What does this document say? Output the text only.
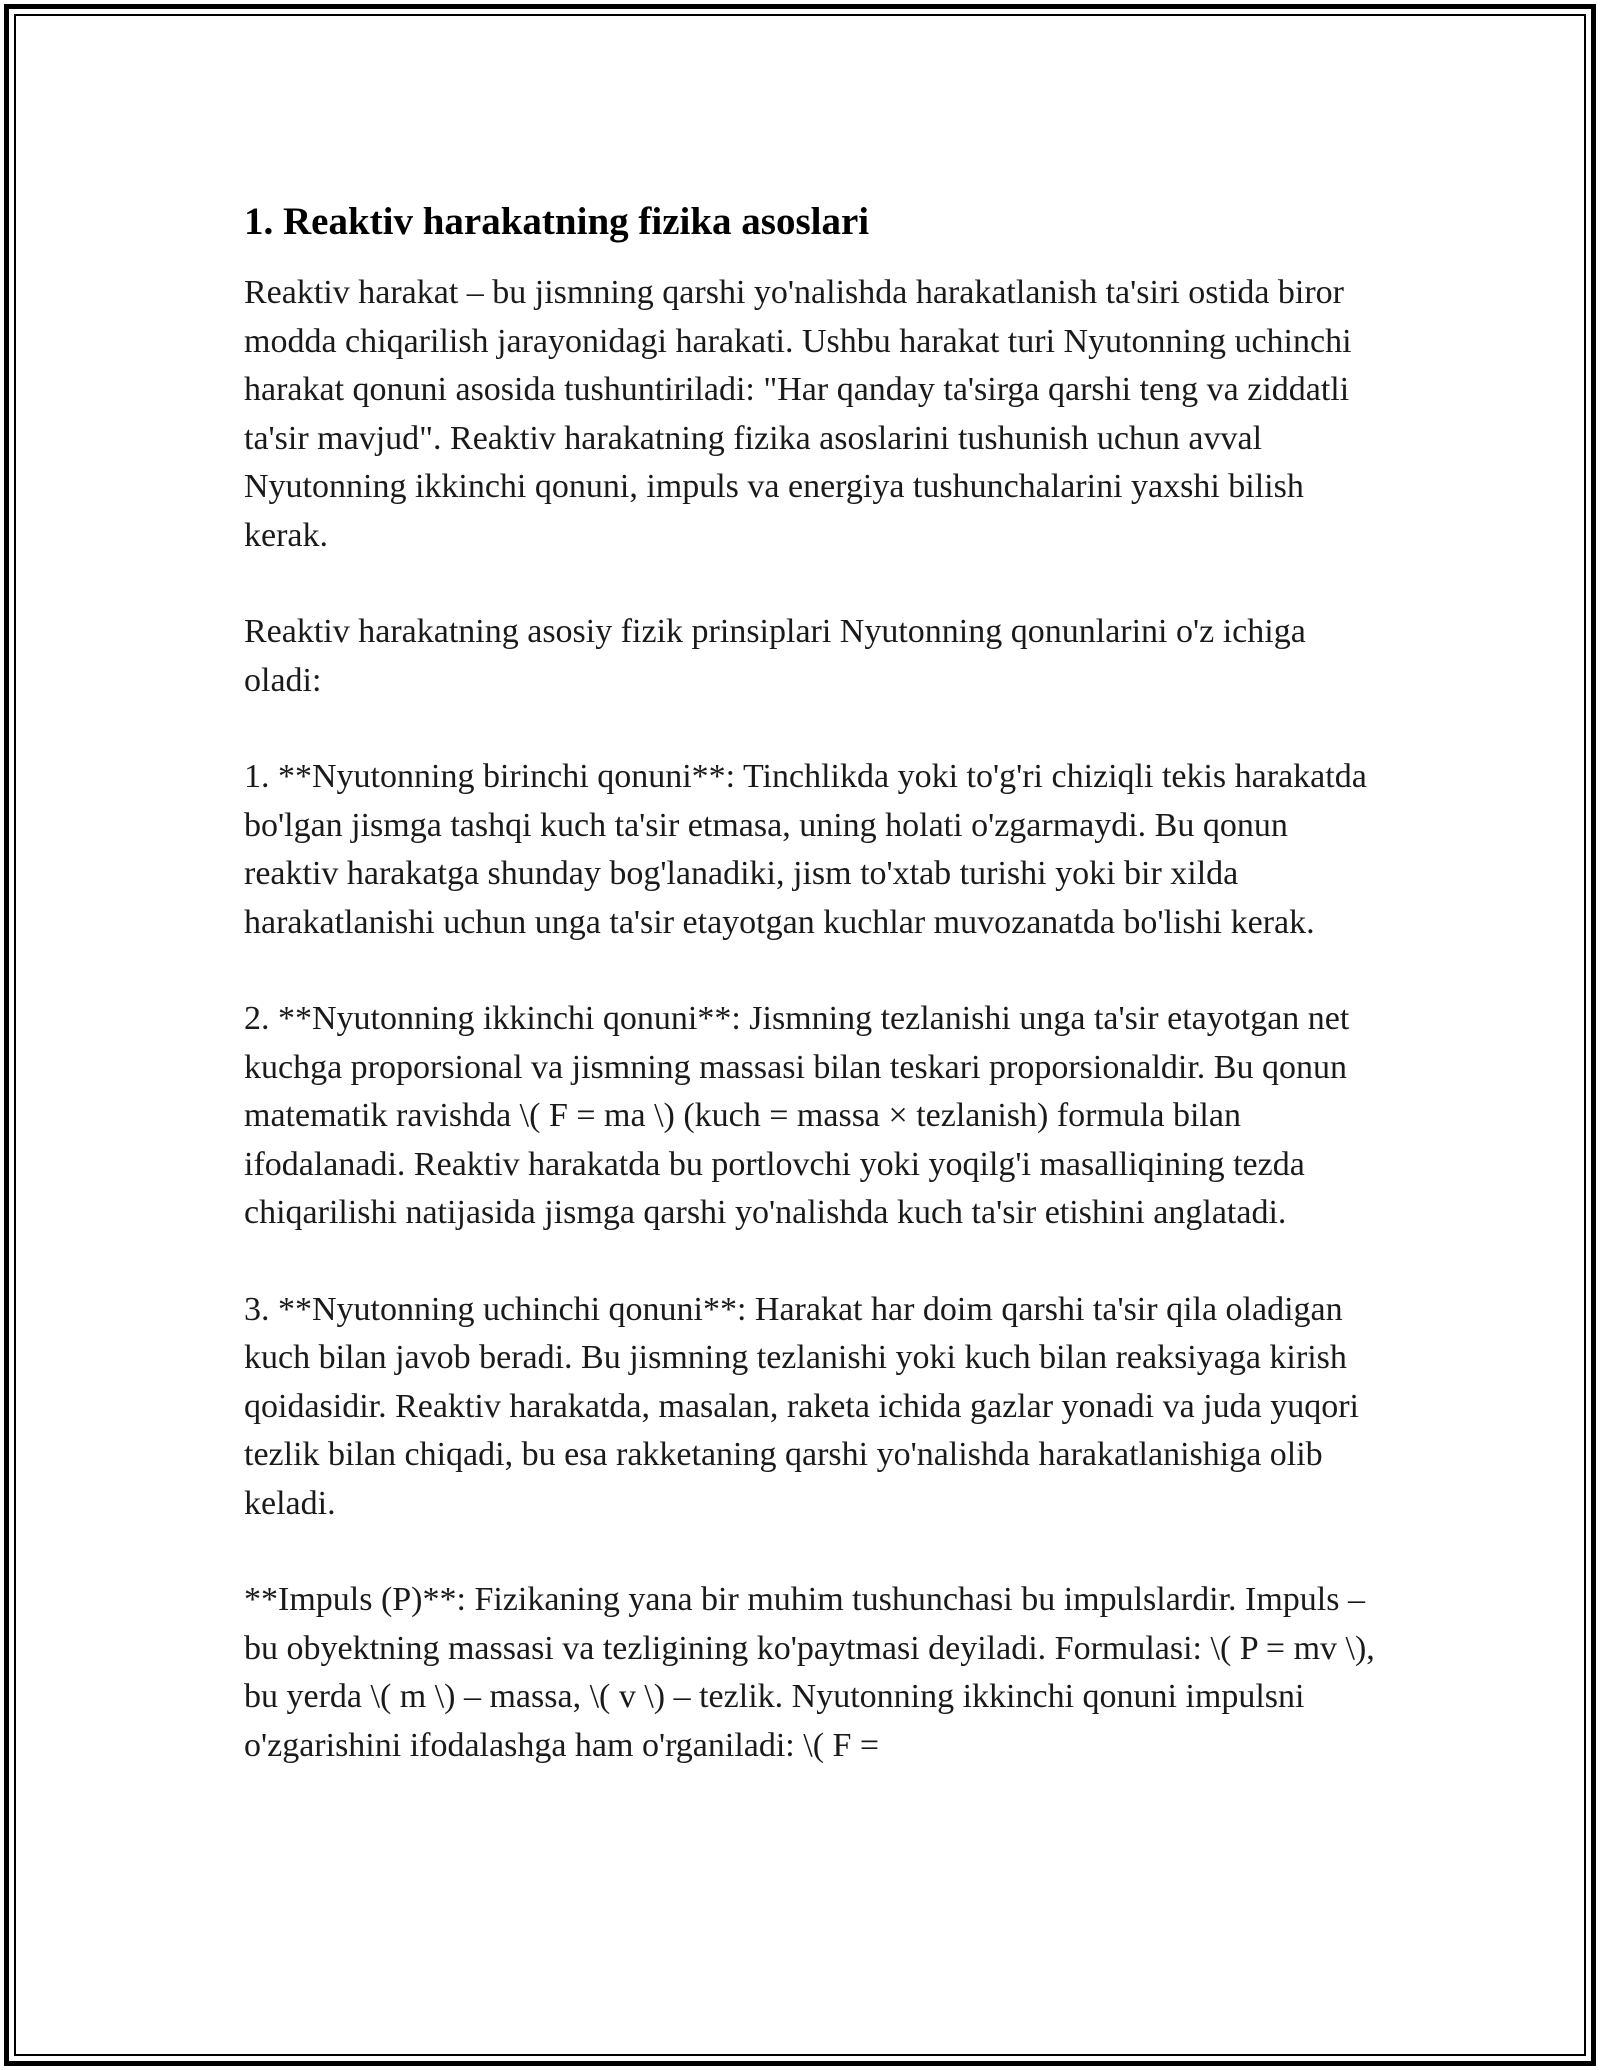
1. Reaktiv harakatning fizika asoslari

Reaktiv harakat – bu jismning qarshi yo'nalishda harakatlanish ta'siri ostida biror modda chiqarilish jarayonidagi harakati. Ushbu harakat turi Nyutonning uchinchi harakat qonuni asosida tushuntiriladi: "Har qanday ta'sirga qarshi teng va ziddatli ta'sir mavjud". Reaktiv harakatning fizika asoslarini tushunish uchun avval Nyutonning ikkinchi qonuni, impuls va energiya tushunchalarini yaxshi bilish kerak.

Reaktiv harakatning asosiy fizik prinsiplari Nyutonning qonunlarini o'z ichiga oladi:

1. **Nyutonning birinchi qonuni**: Tinchlikda yoki to'g'ri chiziqli tekis harakatda bo'lgan jismga tashqi kuch ta'sir etmasa, uning holati o'zgarmaydi. Bu qonun reaktiv harakatga shunday bog'lanadiki, jism to'xtab turishi yoki bir xilda harakatlanishi uchun unga ta'sir etayotgan kuchlar muvozanatda bo'lishi kerak.

2. **Nyutonning ikkinchi qonuni**: Jismning tezlanishi unga ta'sir etayotgan net kuchga proporsional va jismning massasi bilan teskari proporsionaldir. Bu qonun matematik ravishda \( F = ma \) (kuch = massa × tezlanish) formula bilan ifodalanadi. Reaktiv harakatda bu portlovchi yoki yoqilg'i masalliqining tezda chiqarilishi natijasida jismga qarshi yo'nalishda kuch ta'sir etishini anglatadi.

3. **Nyutonning uchinchi qonuni**: Harakat har doim qarshi ta'sir qila oladigan kuch bilan javob beradi. Bu jismning tezlanishi yoki kuch bilan reaksiyaga kirish qoidasidir. Reaktiv harakatda, masalan, raketa ichida gazlar yonadi va juda yuqori tezlik bilan chiqadi, bu esa rakketaning qarshi yo'nalishda harakatlanishiga olib keladi.

**Impuls (P)**: Fizikaning yana bir muhim tushunchasi bu impulslardir. Impuls – bu obyektning massasi va tezligining ko'paytmasi deyiladi. Formulasi: \( P = mv \), bu yerda \( m \) – massa, \( v \) – tezlik. Nyutonning ikkinchi qonuni impulsni o'zgarishini ifodalashga ham o'rganiladi: \( F =
